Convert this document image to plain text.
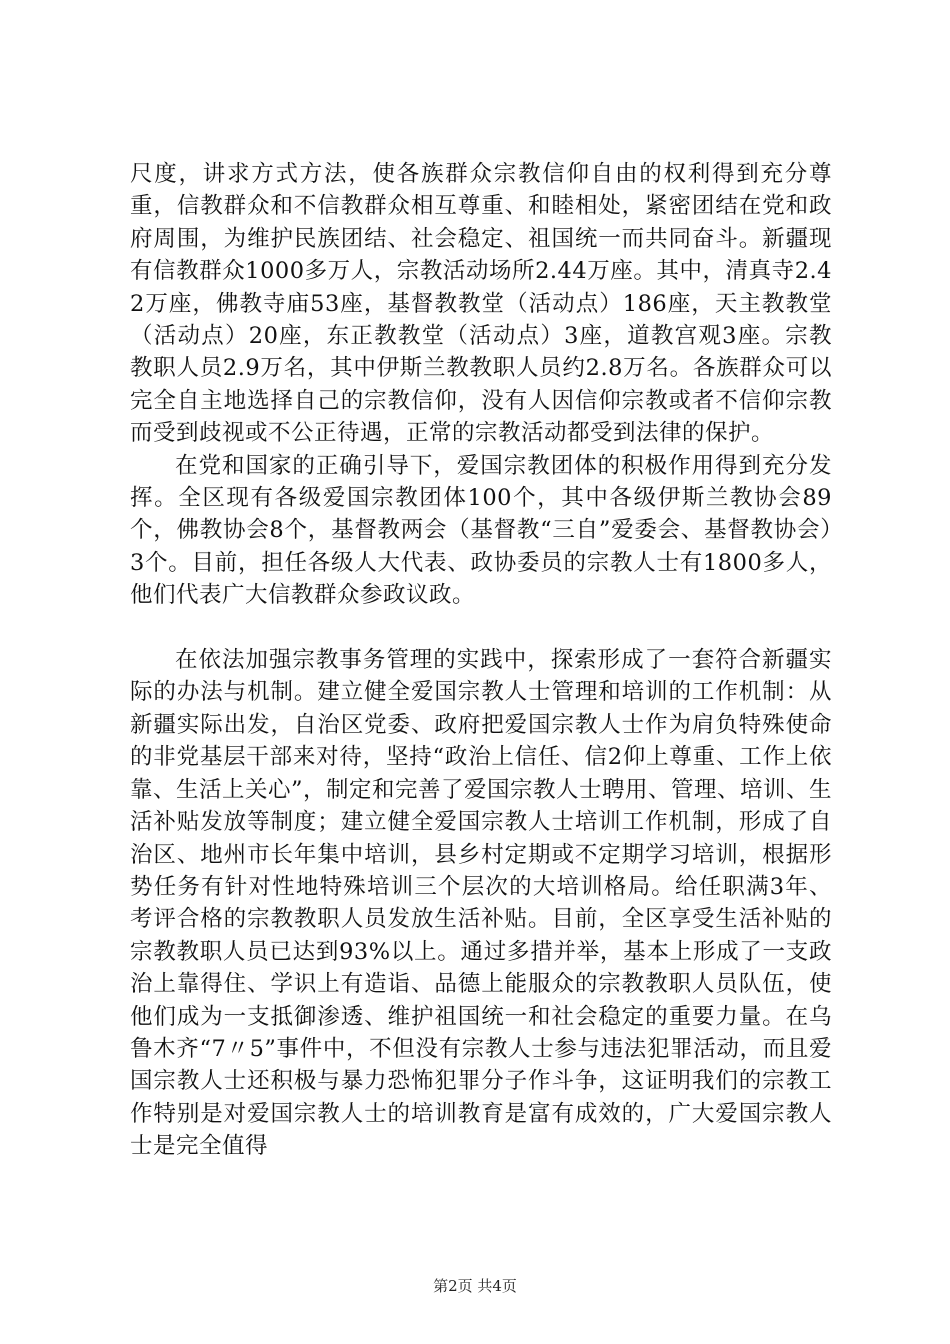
尺度，讲求方式方法，使各族群众宗教信仰自由的权利得到充分尊重，信教群众和不信教群众相互尊重、和睦相处，紧密团结在党和政府周围，为维护民族团结、社会稳定、祖国统一而共同奋斗。新疆现有信教群众1000多万人，宗教活动场所2.44万座。其中，清真寺2.42万座，佛教寺庙53座，基督教教堂（活动点）186座，天主教教堂（活动点）20座，东正教教堂（活动点）3座，道教宫观3座。宗教教职人员2.9万名，其中伊斯兰教教职人员约2.8万名。各族群众可以完全自主地选择自己的宗教信仰，没有人因信仰宗教或者不信仰宗教而受到歧视或不公正待遇，正常的宗教活动都受到法律的保护。

在党和国家的正确引导下，爱国宗教团体的积极作用得到充分发挥。全区现有各级爱国宗教团体100个，其中各级伊斯兰教协会89个，佛教协会8个，基督教两会（基督教“三自”爱委会、基督教协会）3个。目前，担任各级人大代表、政协委员的宗教人士有1800多人，他们代表广大信教群众参政议政。

在依法加强宗教事务管理的实践中，探索形成了一套符合新疆实际的办法与机制。建立健全爱国宗教人士管理和培训的工作机制：从新疆实际出发，自治区党委、政府把爱国宗教人士作为肩负特殊使命的非党基层干部来对待，坚持“政治上信任、信2仰上尊重、工作上依靠、生活上关心”，制定和完善了爱国宗教人士聘用、管理、培训、生活补贴发放等制度；建立健全爱国宗教人士培训工作机制，形成了自治区、地州市长年集中培训，县乡村定期或不定期学习培训，根据形势任务有针对性地特殊培训三个层次的大培训格局。给任职满3年、考评合格的宗教教职人员发放生活补贴。目前，全区享受生活补贴的宗教教职人员已达到93%以上。通过多措并举，基本上形成了一支政治上靠得住、学识上有造诣、品德上能服众的宗教教职人员队伍，使他们成为一支抵御渗透、维护祖国统一和社会稳定的重要力量。在乌鲁木齐“7〃5”事件中，不但没有宗教人士参与违法犯罪活动，而且爱国宗教人士还积极与暴力恐怖犯罪分子作斗争，这证明我们的宗教工作特别是对爱国宗教人士的培训教育是富有成效的，广大爱国宗教人士是完全值得

第2页 共4页
